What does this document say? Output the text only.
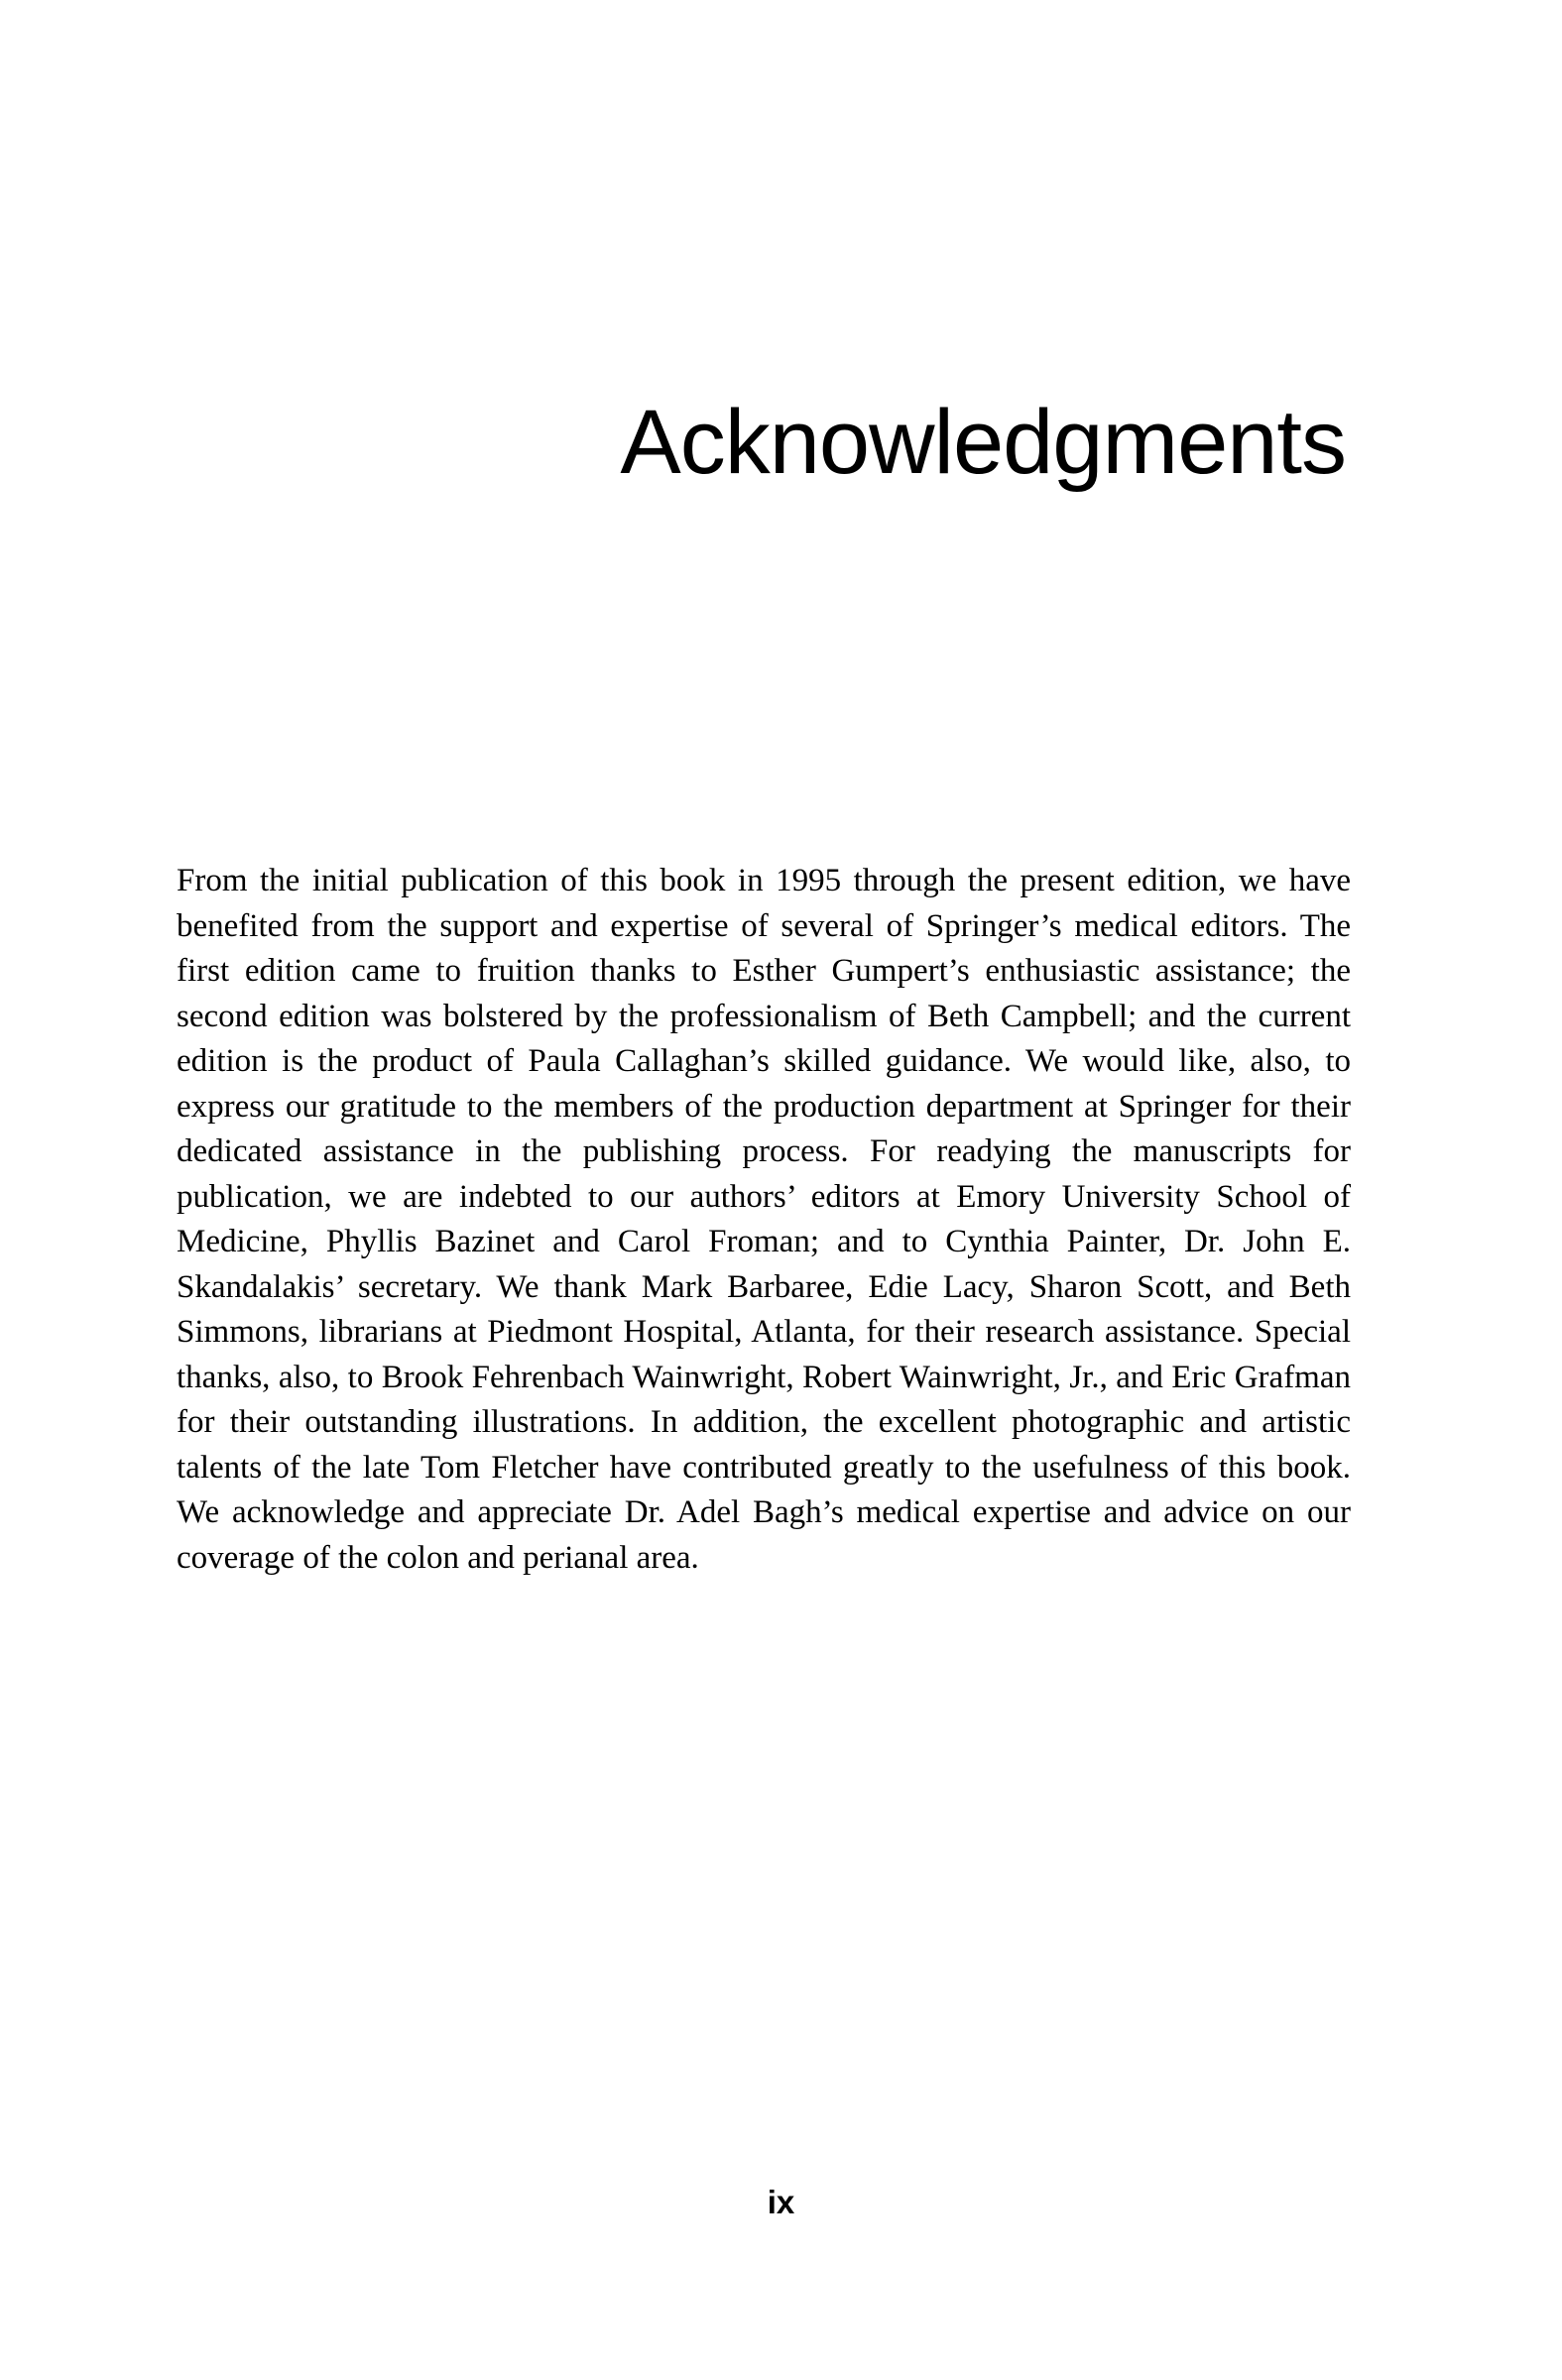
Acknowledgments

From the initial publication of this book in 1995 through the present edition, we have benefited from the support and expertise of several of Springer’s medical editors. The first edition came to fruition thanks to Esther Gumpert’s enthusiastic assistance; the second edition was bolstered by the professionalism of Beth Campbell; and the current edition is the product of Paula Callaghan’s skilled guidance. We would like, also, to express our gratitude to the members of the production department at Springer for their dedicated assistance in the publishing process. For readying the manuscripts for publication, we are indebted to our authors’ editors at Emory University School of Medicine, Phyllis Bazinet and Carol Froman; and to Cynthia Painter, Dr. John E. Skandalakis’ secretary. We thank Mark Barbaree, Edie Lacy, Sharon Scott, and Beth Simmons, librarians at Piedmont Hospital, Atlanta, for their research assistance. Special thanks, also, to Brook Fehrenbach Wainwright, Robert Wainwright, Jr., and Eric Grafman for their outstanding illustrations. In addition, the excellent photographic and artistic talents of the late Tom Fletcher have contributed greatly to the usefulness of this book. We acknowledge and appreciate Dr. Adel Bagh’s medical expertise and advice on our coverage of the colon and perianal area.

ix
